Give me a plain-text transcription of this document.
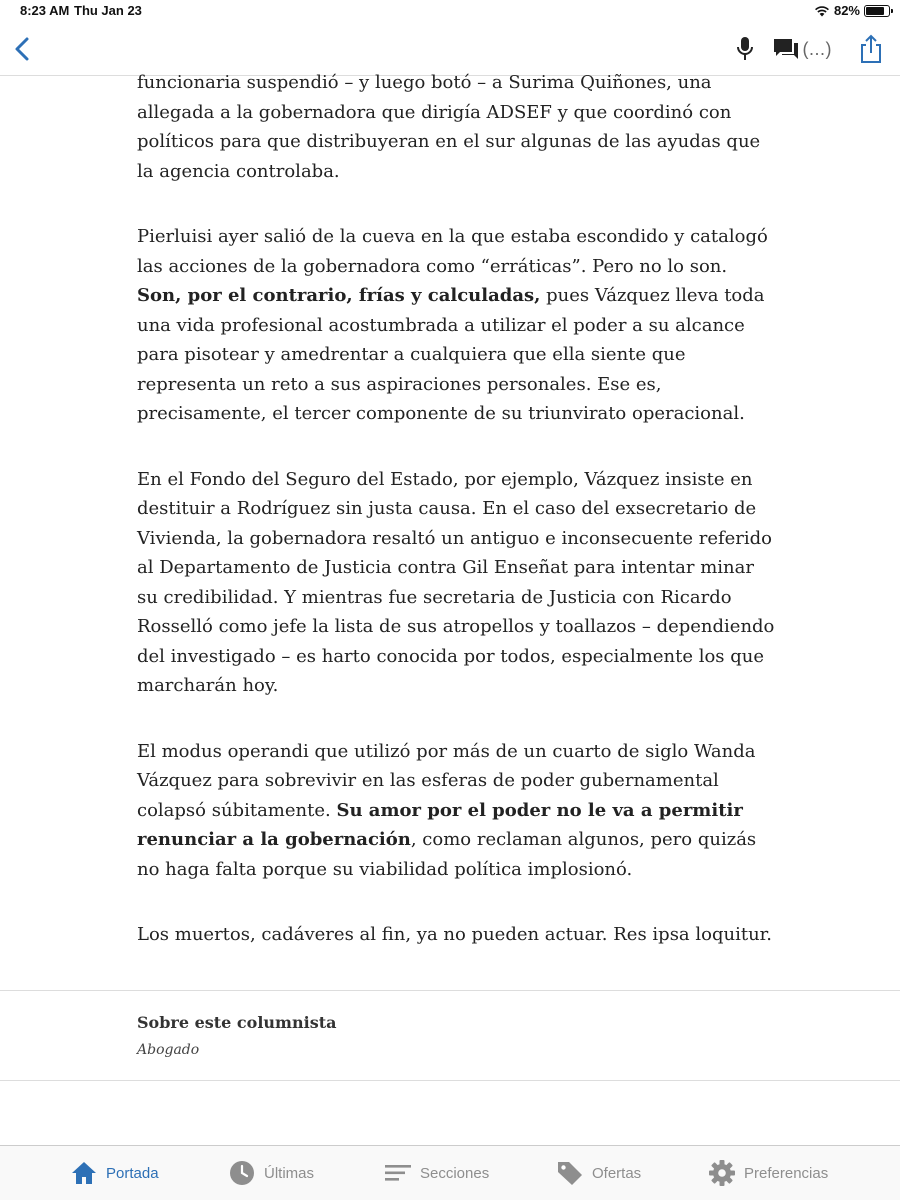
8:23 AM Thu Jan 23	82%
(...)

funcionaria suspendió – y luego botó – a Surima Quiñones, una allegada a la gobernadora que dirigía ADSEF y que coordinó con políticos para que distribuyeran en el sur algunas de las ayudas que la agencia controlaba.

Pierluisi ayer salió de la cueva en la que estaba escondido y catalogó las acciones de la gobernadora como “erráticas”. Pero no lo son. Son, por el contrario, frías y calculadas, pues Vázquez lleva toda una vida profesional acostumbrada a utilizar el poder a su alcance para pisotear y amedrentar a cualquiera que ella siente que representa un reto a sus aspiraciones personales. Ese es, precisamente, el tercer componente de su triunvirato operacional.

En el Fondo del Seguro del Estado, por ejemplo, Vázquez insiste en destituir a Rodríguez sin justa causa. En el caso del exsecretario de Vivienda, la gobernadora resaltó un antiguo e inconsecuente referido al Departamento de Justicia contra Gil Enseñat para intentar minar su credibilidad. Y mientras fue secretaria de Justicia con Ricardo Rosselló como jefe la lista de sus atropellos y toallazos – dependiendo del investigado – es harto conocida por todos, especialmente los que marcharán hoy.

El modus operandi que utilizó por más de un cuarto de siglo Wanda Vázquez para sobrevivir en las esferas de poder gubernamental colapsó súbitamente. Su amor por el poder no le va a permitir renunciar a la gobernación, como reclaman algunos, pero quizás no haga falta porque su viabilidad política implosionó.

Los muertos, cadáveres al fin, ya no pueden actuar. Res ipsa loquitur.

Sobre este columnista
Abogado
Portada	Últimas	Secciones	Ofertas	Preferencias
